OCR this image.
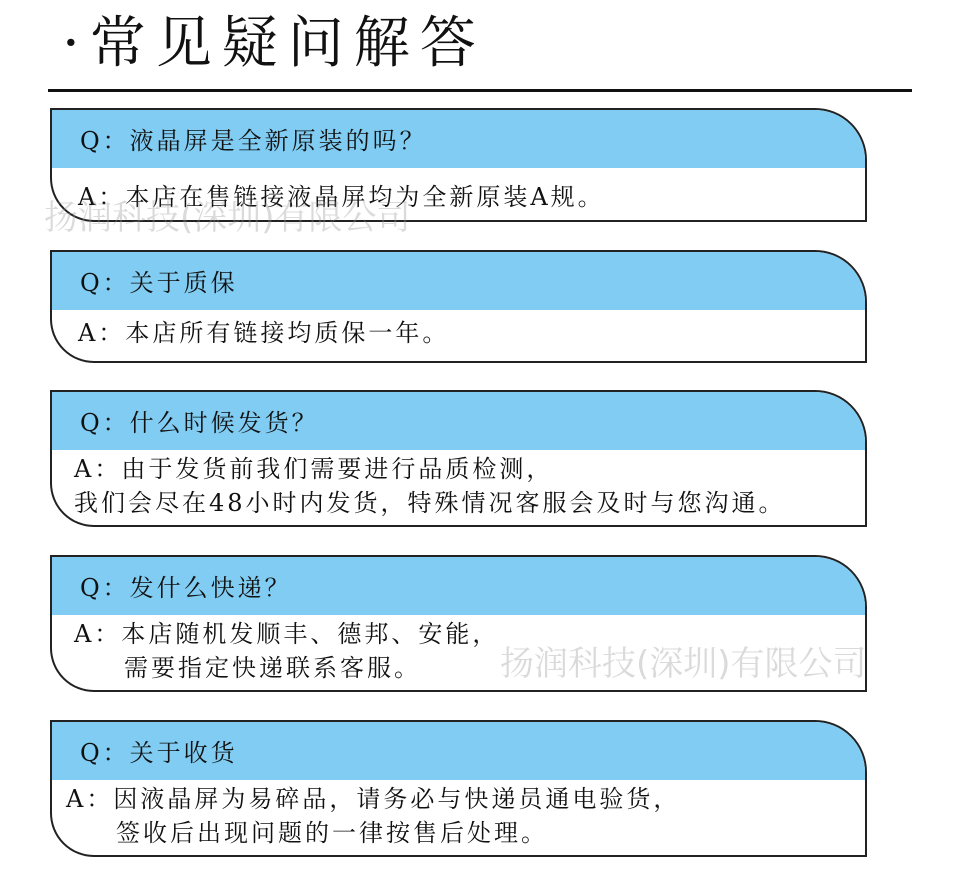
·常见疑问解答
Q：液晶屏是全新原装的吗？
A：本店在售链接液晶屏均为全新原装A规。
Q：关于质保
A：本店所有链接均质保一年。
Q：什么时候发货？
A：由于发货前我们需要进行品质检测，
我们会尽在48小时内发货，特殊情况客服会及时与您沟通。
Q：发什么快递？
A：本店随机发顺丰、德邦、安能，
需要指定快递联系客服。
Q：关于收货
A：因液晶屏为易碎品，请务必与快递员通电验货，
签收后出现问题的一律按售后处理。
扬润科技(深圳)有限公司
扬润科技(深圳)有限公司
